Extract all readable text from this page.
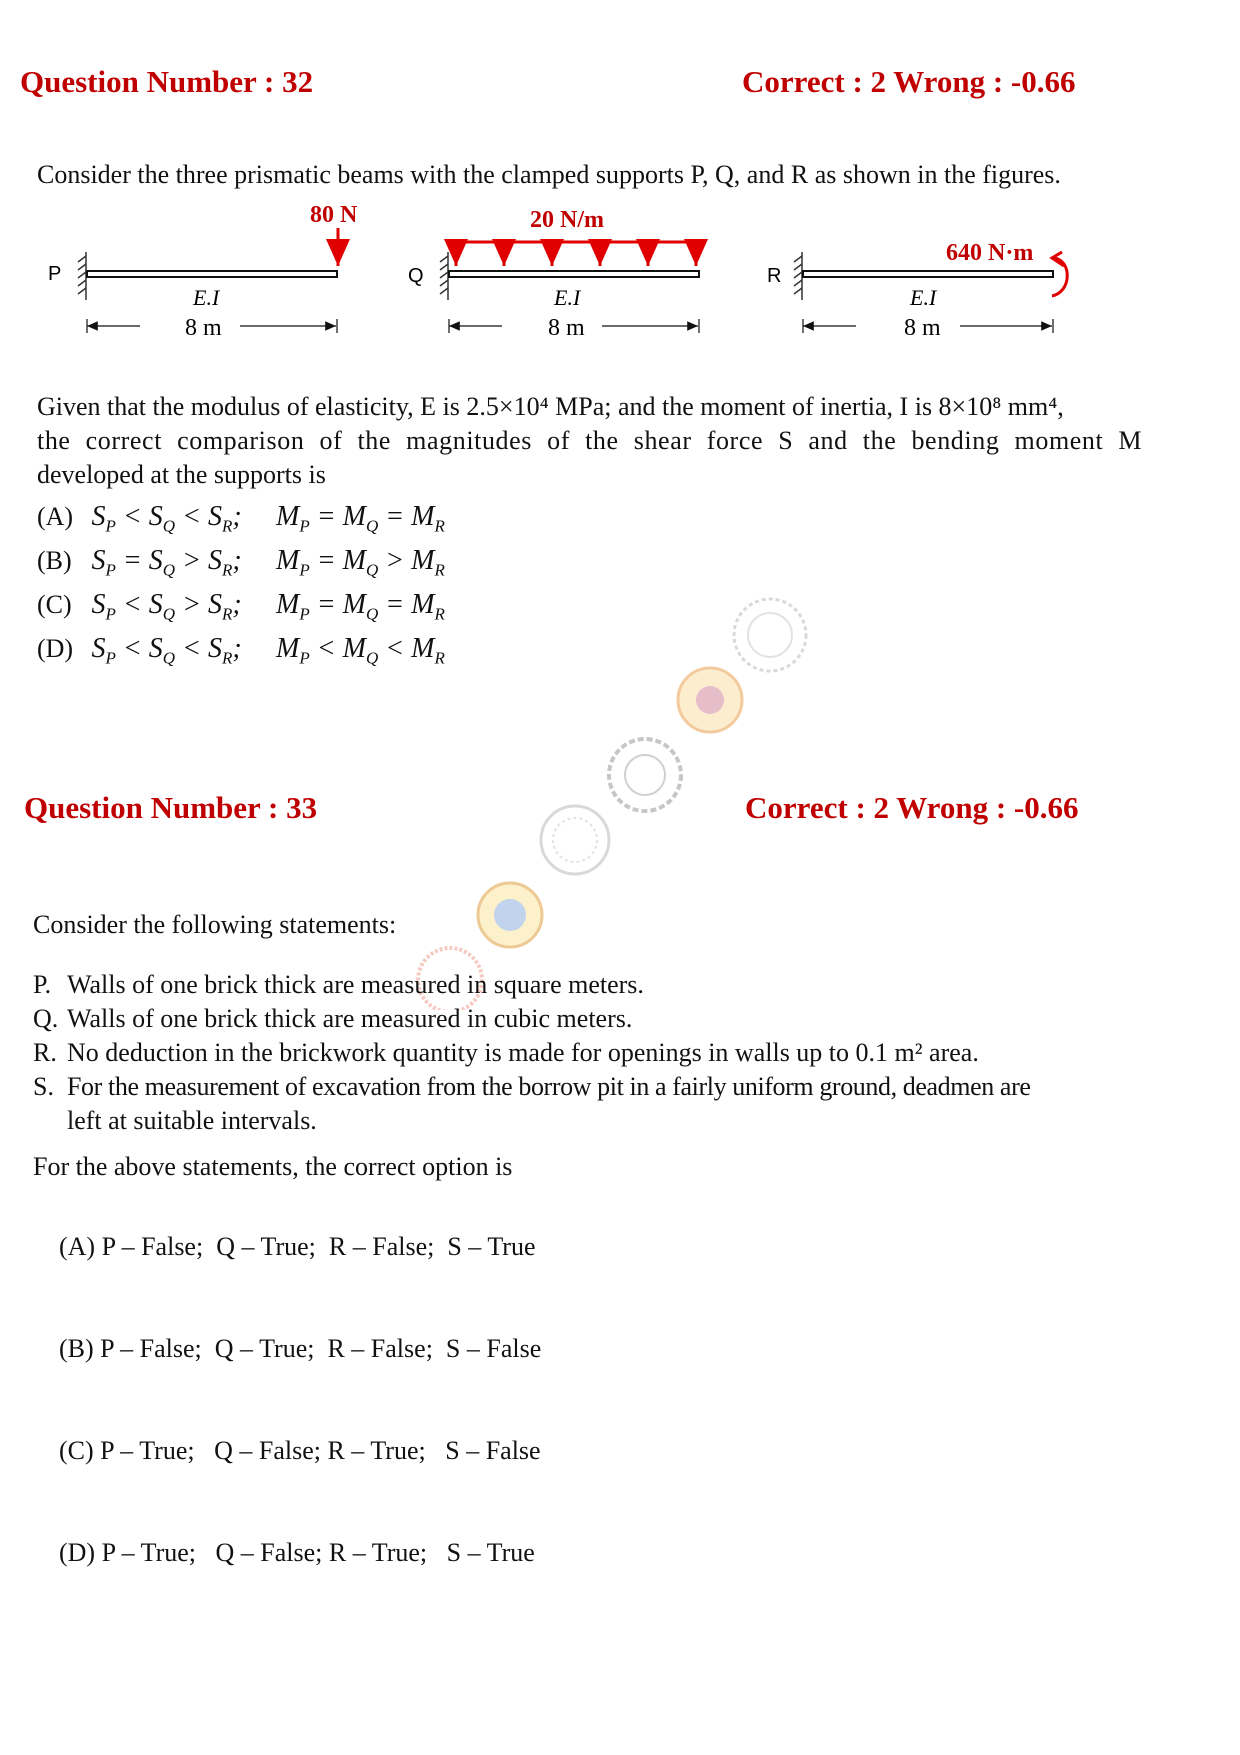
Question Number : 32	Correct : 2 Wrong : -0.66
Consider the three prismatic beams with the clamped supports P, Q, and R as shown in the figures.
P
80 N
E.I
8 m
Q
20 N/m
E.I
8 m
R
640 N·m
E.I
8 m
Given that the modulus of elasticity, E is 2.5×10⁴ MPa; and the moment of inertia, I is 8×10⁸ mm⁴,
the correct comparison of the magnitudes of the shear force S and the bending moment M
developed at the supports is
(A) $S_P < S_Q < S_R$; $M_P = M_Q = M_R$
(B) $S_P = S_Q > S_R$; $M_P = M_Q > M_R$
(C) $S_P < S_Q > S_R$; $M_P = M_Q = M_R$
(D) $S_P < S_Q < S_R$; $M_P < M_Q < M_R$
Question Number : 33	Correct : 2 Wrong : -0.66
Consider the following statements:
P. Walls of one brick thick are measured in square meters.
Q. Walls of one brick thick are measured in cubic meters.
R. No deduction in the brickwork quantity is made for openings in walls up to 0.1 m² area.
S. For the measurement of excavation from the borrow pit in a fairly uniform ground, deadmen are
left at suitable intervals.
For the above statements, the correct option is

(A) P – False;  Q – True;  R – False;  S – True

(B) P – False;  Q – True;  R – False;  S – False

(C) P – True;   Q – False; R – True;   S – False

(D) P – True;   Q – False; R – True;   S – True
